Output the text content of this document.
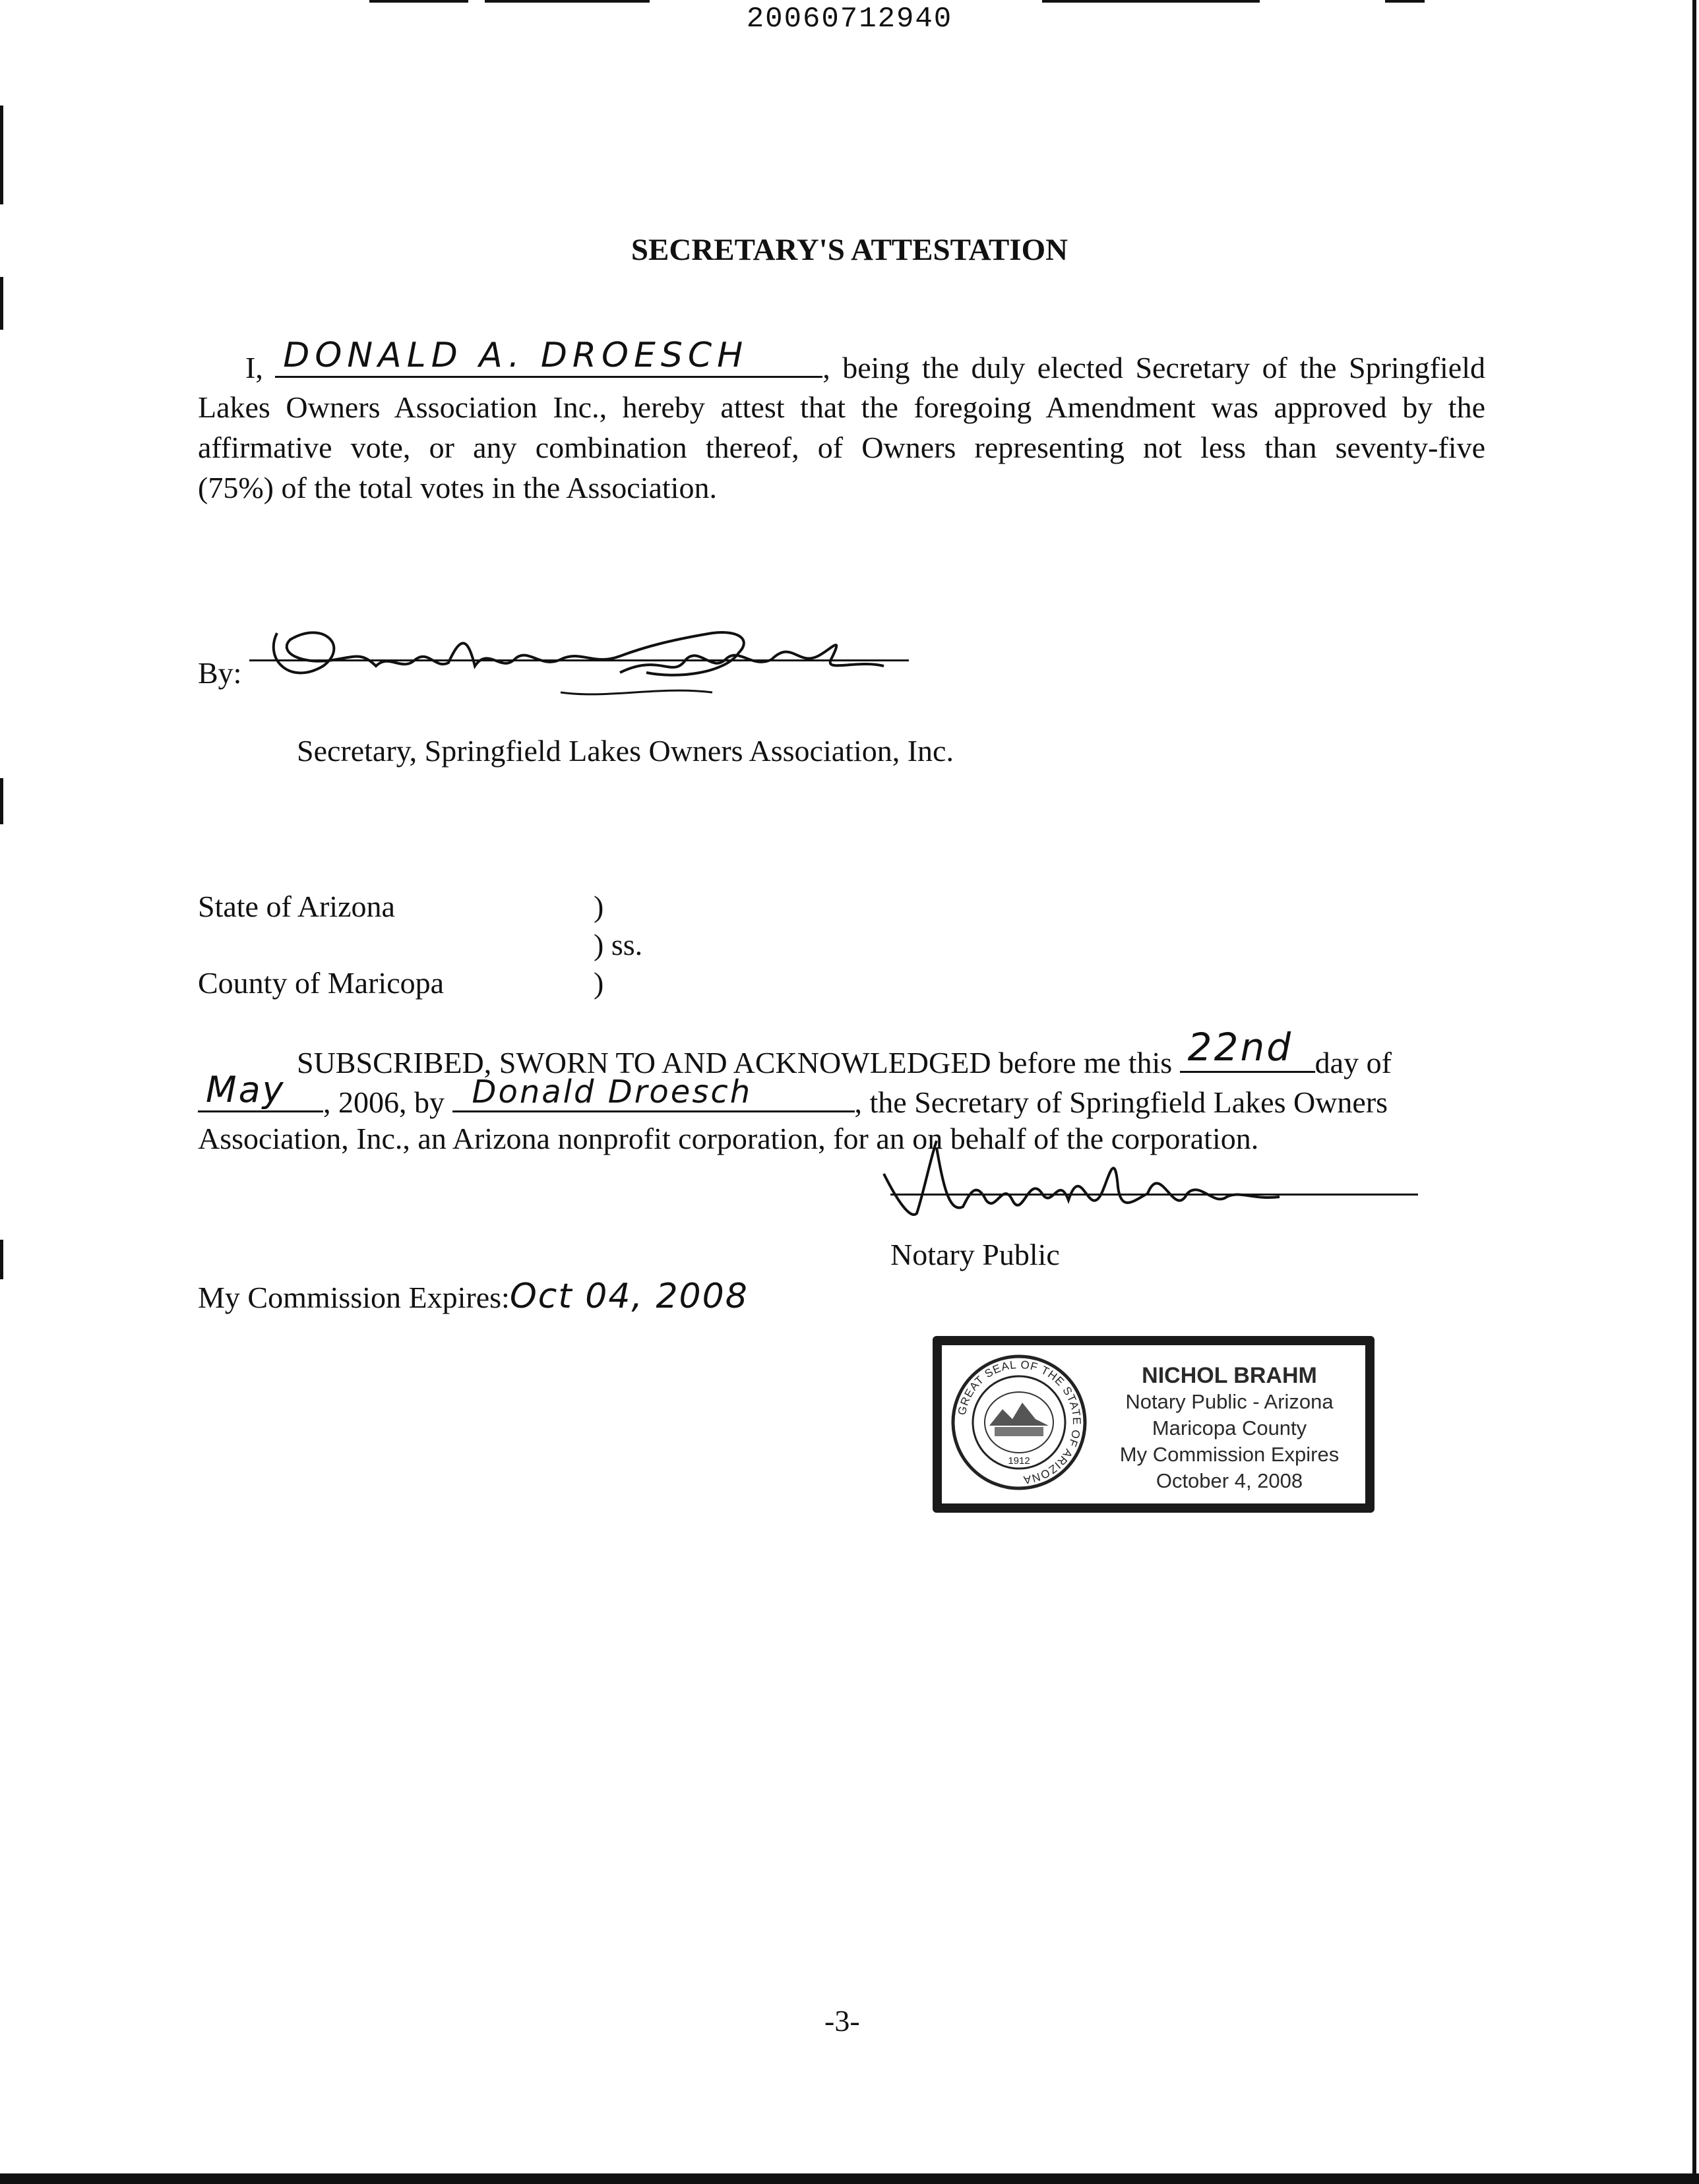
20060712940
SECRETARY'S ATTESTATION
I, DONALD A. DROESCH , being the duly elected Secretary of the Springfield
Lakes Owners Association Inc., hereby attest that the foregoing Amendment was approved by the
affirmative vote, or any combination thereof, of Owners representing not less than seventy-five
(75%) of the total votes in the Association.
By:
Secretary, Springfield Lakes Owners Association, Inc.
State of Arizona	)
) ss.
County of Maricopa	)
SUBSCRIBED, SWORN TO AND ACKNOWLEDGED before me this 22nd day of
May , 2006, by Donald Droesch	, the Secretary of Springfield Lakes Owners
Association, Inc., an Arizona nonprofit corporation, for an on behalf of the corporation.
Notary Public
My Commission Expires:Oct 04, 2008
GREAT SEAL OF THE STATE OF ARIZONA
1912
NICHOL BRAHM
Notary Public - Arizona
Maricopa County
My Commission Expires
October 4, 2008
-3-
